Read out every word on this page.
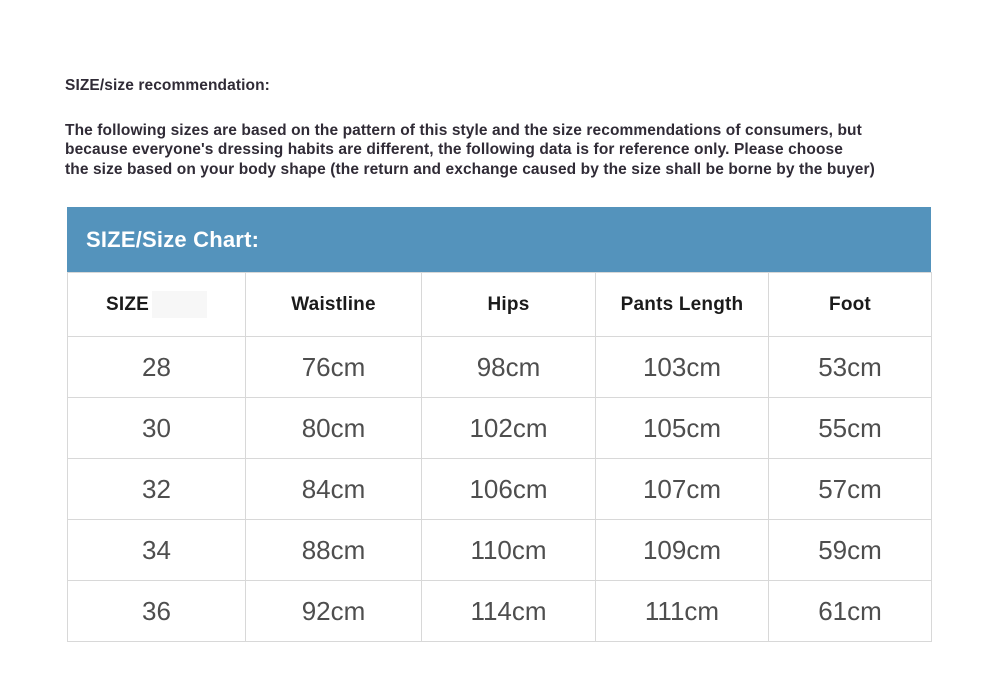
SIZE/size recommendation:
The following sizes are based on the pattern of this style and the size recommendations of consumers, but
because everyone's dressing habits are different, the following data is for reference only. Please choose
the size based on your body shape (the return and exchange caused by the size shall be borne by the buyer)
SIZE/Size Chart:
SIZE	Waistline	Hips	Pants Length	Foot
28	76cm	98cm	103cm	53cm
30	80cm	102cm	105cm	55cm
32	84cm	106cm	107cm	57cm
34	88cm	110cm	109cm	59cm
36	92cm	114cm	111cm	61cm
